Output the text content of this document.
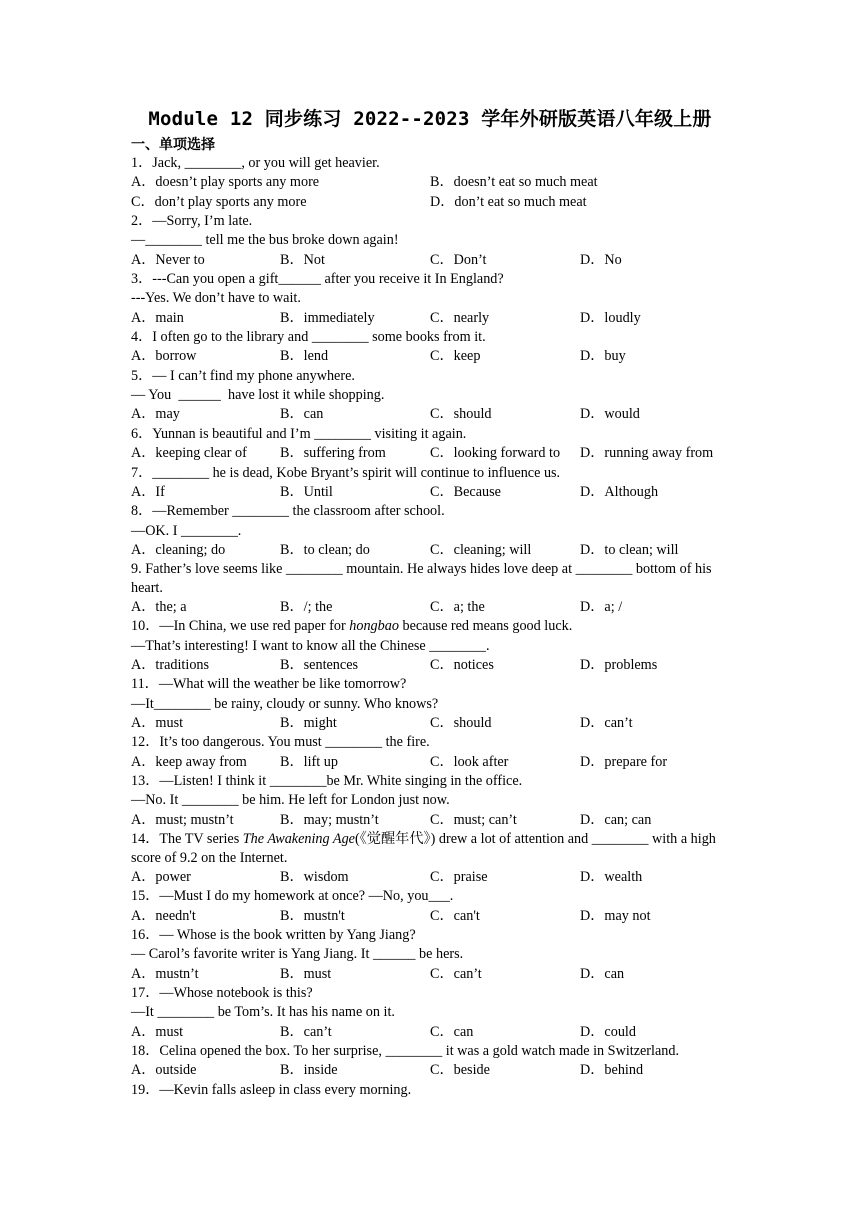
Module 12 同步练习 2022--2023 学年外研版英语八年级上册
一、单项选择
1．Jack, ________, or you will get heavier.
A．doesn’t play sports any more	B．doesn’t eat so much meat
C．don’t play sports any more	D．don’t eat so much meat
2．—Sorry, I’m late.
—________ tell me the bus broke down again!
A．Never to	B．Not	C．Don’t	D．No
3．---Can you open a gift______ after you receive it In England?
---Yes. We don’t have to wait.
A．main	B．immediately	C．nearly	D．loudly
4．I often go to the library and ________ some books from it.
A．borrow	B．lend	C．keep	D．buy
5．— I can’t find my phone anywhere.
— You  ______  have lost it while shopping.
A．may	B．can	C．should	D．would
6．Yunnan is beautiful and I’m ________ visiting it again.
A．keeping clear of B．suffering from	C．looking forward to D．running away from
7．________ he is dead, Kobe Bryant’s spirit will continue to influence us.
A．If	B．Until	C．Because	D．Although
8．—Remember ________ the classroom after school.
—OK. I ________.
A．cleaning; do	B．to clean; do	C．cleaning; will	D．to clean; will
9. Father’s love seems like ________ mountain. He always hides love deep at ________ bottom of his heart.
A．the; a	B．/; the	C．a; the	D．a; /
10．—In China, we use red paper for hongbao because red means good luck.
—That’s interesting! I want to know all the Chinese ________.
A．traditions	B．sentences	C．notices	D．problems
11．—What will the weather be like tomorrow?
—It________ be rainy, cloudy or sunny. Who knows?
A．must	B．might	C．should	D．can’t
12．It’s too dangerous. You must ________ the fire.
A．keep away from B．lift up	C．look after	D．prepare for
13．—Listen! I think it ________be Mr. White singing in the office.
—No. It ________ be him. He left for London just now.
A．must; mustn’t	B．may; mustn’t	C．must; can’t	D．can; can
14．The TV series The Awakening Age(《觉醒年代》) drew a lot of attention and ________ with a high score of 9.2 on the Internet.
A．power	B．wisdom	C．praise	D．wealth
15．—Must I do my homework at once? —No, you___.
A．needn't	B．mustn't	C．can't	D．may not
16．— Whose is the book written by Yang Jiang?
— Carol’s favorite writer is Yang Jiang. It ______ be hers.
A．mustn’t	B．must	C．can’t	D．can
17．—Whose notebook is this?
—It ________ be Tom’s. It has his name on it.
A．must	B．can’t	C．can	D．could
18．Celina opened the box. To her surprise, ________ it was a gold watch made in Switzerland.
A．outside	B．inside	C．beside	D．behind
19．—Kevin falls asleep in class every morning.
